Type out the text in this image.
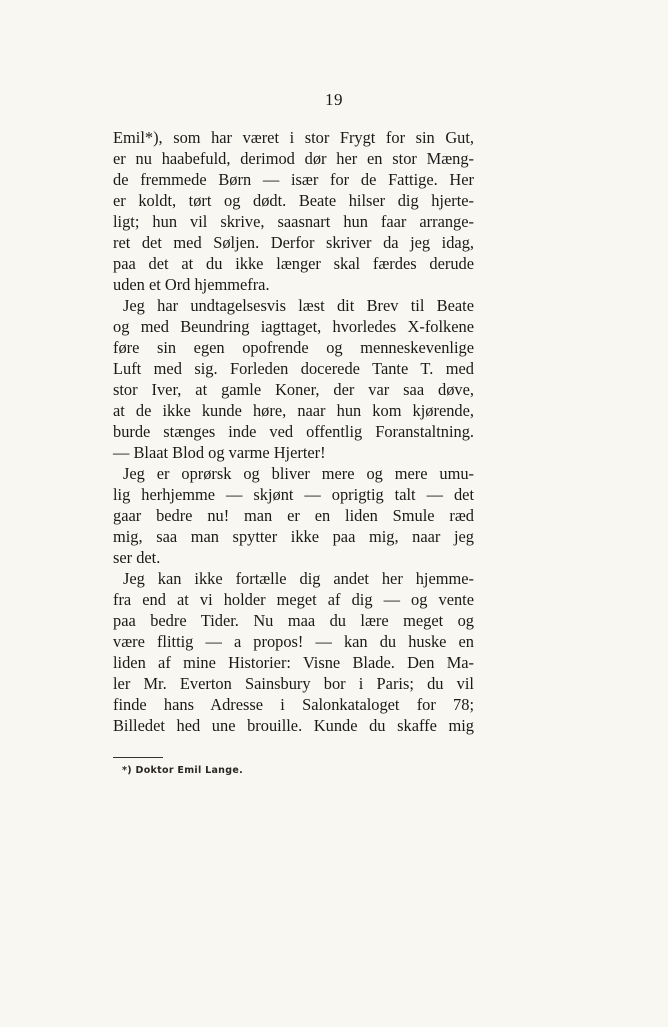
19
Emil*), som har været i stor Frygt for sin Gut,
er nu haabefuld, derimod dør her en stor Mæng-
de fremmede Børn — især for de Fattige. Her
er koldt, tørt og dødt. Beate hilser dig hjerte-
ligt; hun vil skrive, saasnart hun faar arrange-
ret det med Søljen. Derfor skriver da jeg idag,
paa det at du ikke længer skal færdes derude
uden et Ord hjemmefra.
Jeg har undtagelsesvis læst dit Brev til Beate
og med Beundring iagttaget, hvorledes X-folkene
føre sin egen opofrende og menneskevenlige
Luft med sig. Forleden docerede Tante T. med
stor Iver, at gamle Koner, der var saa døve,
at de ikke kunde høre, naar hun kom kjørende,
burde stænges inde ved offentlig Foranstaltning.
— Blaat Blod og varme Hjerter!
Jeg er oprørsk og bliver mere og mere umu-
lig herhjemme — skjønt — oprigtig talt — det
gaar bedre nu! man er en liden Smule ræd
mig, saa man spytter ikke paa mig, naar jeg
ser det.
Jeg kan ikke fortælle dig andet her hjemme-
fra end at vi holder meget af dig — og vente
paa bedre Tider. Nu maa du lære meget og
være flittig — a propos! — kan du huske en
liden af mine Historier: Visne Blade. Den Ma-
ler Mr. Everton Sainsbury bor i Paris; du vil
finde hans Adresse i Salonkataloget for 78;
Billedet hed une brouille. Kunde du skaffe mig
*) Doktor Emil Lange.
